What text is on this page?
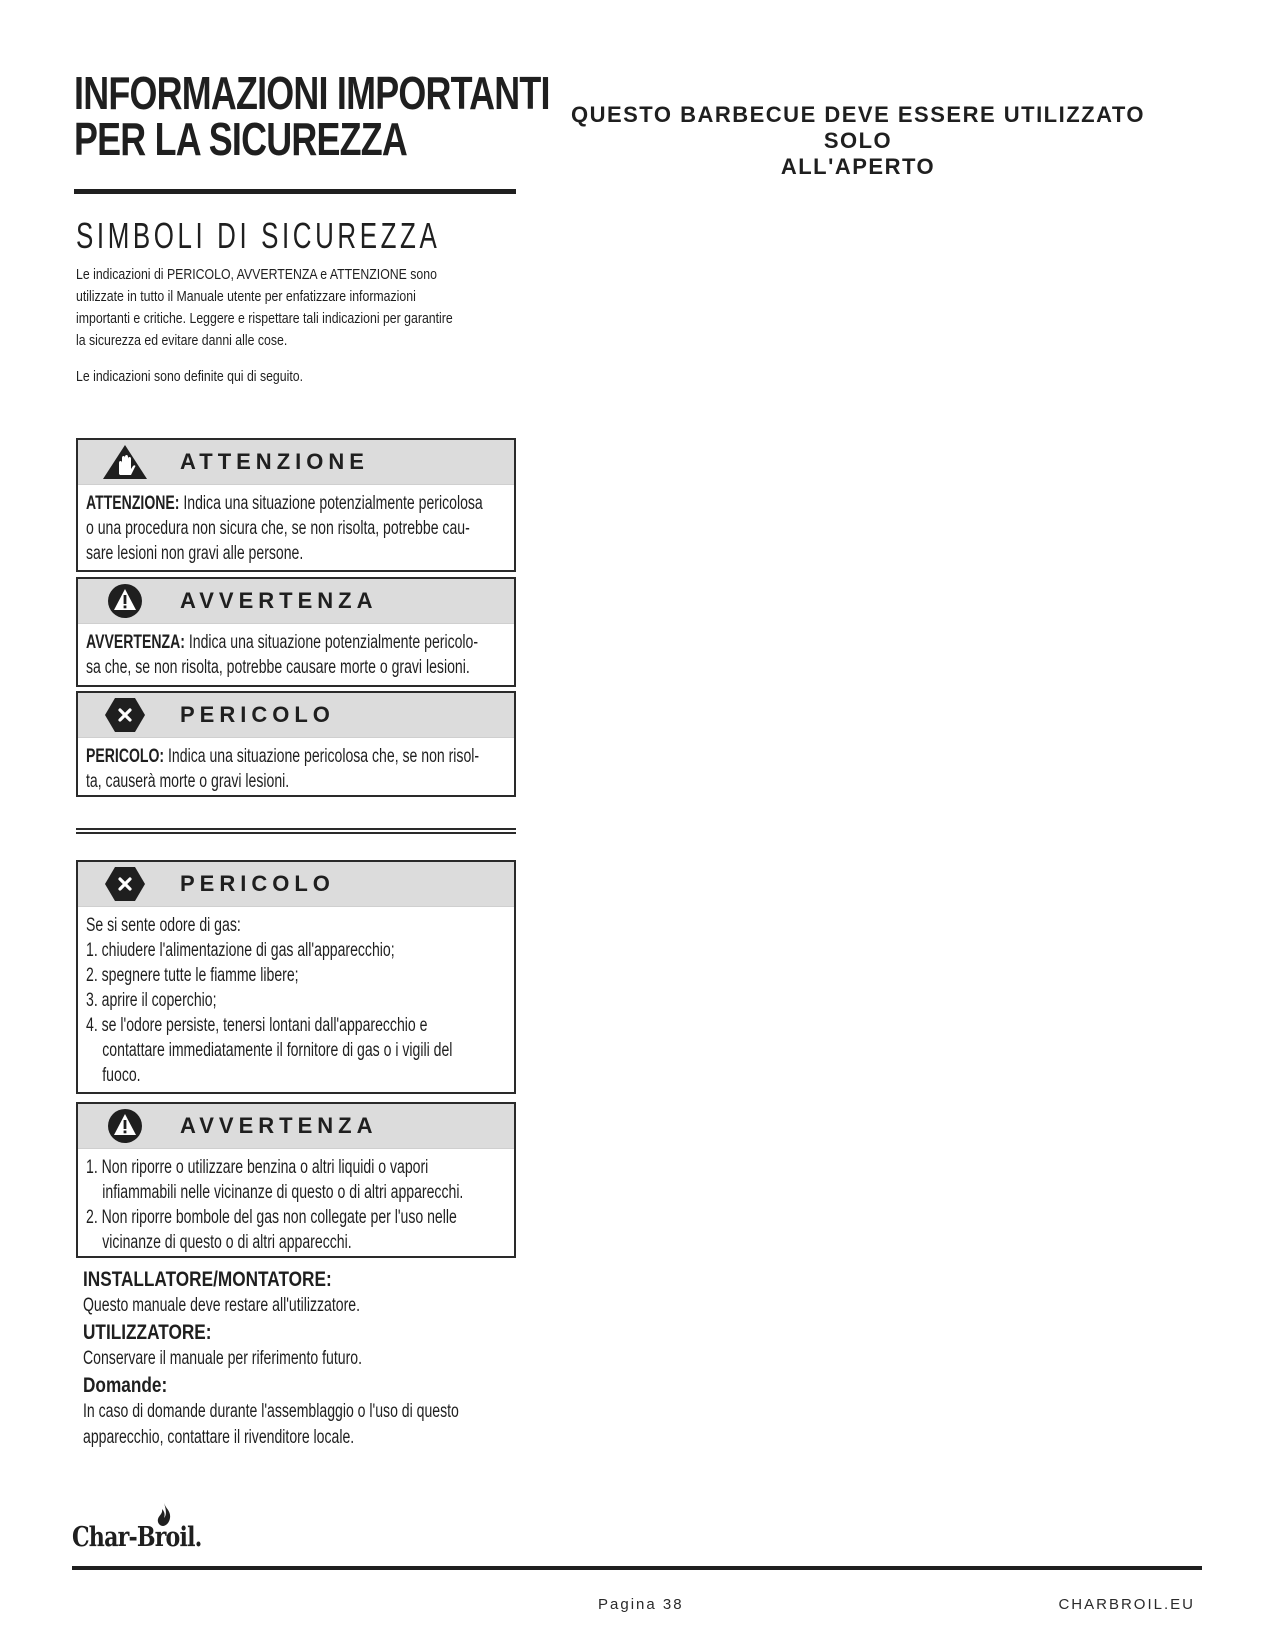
INFORMAZIONI IMPORTANTI
PER LA SICUREZZA	QUESTO BARBECUE DEVE ESSERE UTILIZZATO SOLO
ALL'APERTO
SIMBOLI DI SICUREZZA
Le indicazioni di PERICOLO, AVVERTENZA e ATTENZIONE sono
utilizzate in tutto il Manuale utente per enfatizzare informazioni
importanti e critiche. Leggere e rispettare tali indicazioni per garantire
la sicurezza ed evitare danni alle cose.
Le indicazioni sono definite qui di seguito.
ATTENZIONE
ATTENZIONE: Indica una situazione potenzialmente pericolosa
o una procedura non sicura che, se non risolta, potrebbe cau-
sare lesioni non gravi alle persone.
AVVERTENZA
AVVERTENZA: Indica una situazione potenzialmente pericolo-
sa che, se non risolta, potrebbe causare morte o gravi lesioni.
PERICOLO
PERICOLO: Indica una situazione pericolosa che, se non risol-
ta, causerà morte o gravi lesioni.
PERICOLO
Se si sente odore di gas:
1. chiudere l'alimentazione di gas all'apparecchio;
2. spegnere tutte le fiamme libere;
3. aprire il coperchio;
4. se l'odore persiste, tenersi lontani dall'apparecchio e
contattare immediatamente il fornitore di gas o i vigili del
fuoco.
AVVERTENZA
1. Non riporre o utilizzare benzina o altri liquidi o vapori
infiammabili nelle vicinanze di questo o di altri apparecchi.
2. Non riporre bombole del gas non collegate per l'uso nelle
vicinanze di questo o di altri apparecchi.
INSTALLATORE/MONTATORE:
Questo manuale deve restare all'utilizzatore.
UTILIZZATORE:
Conservare il manuale per riferimento futuro.
Domande:
In caso di domande durante l'assemblaggio o l'uso di questo
apparecchio, contattare il rivenditore locale.
Char-Broil.
Pagina 38	CHARBROIL.EU
